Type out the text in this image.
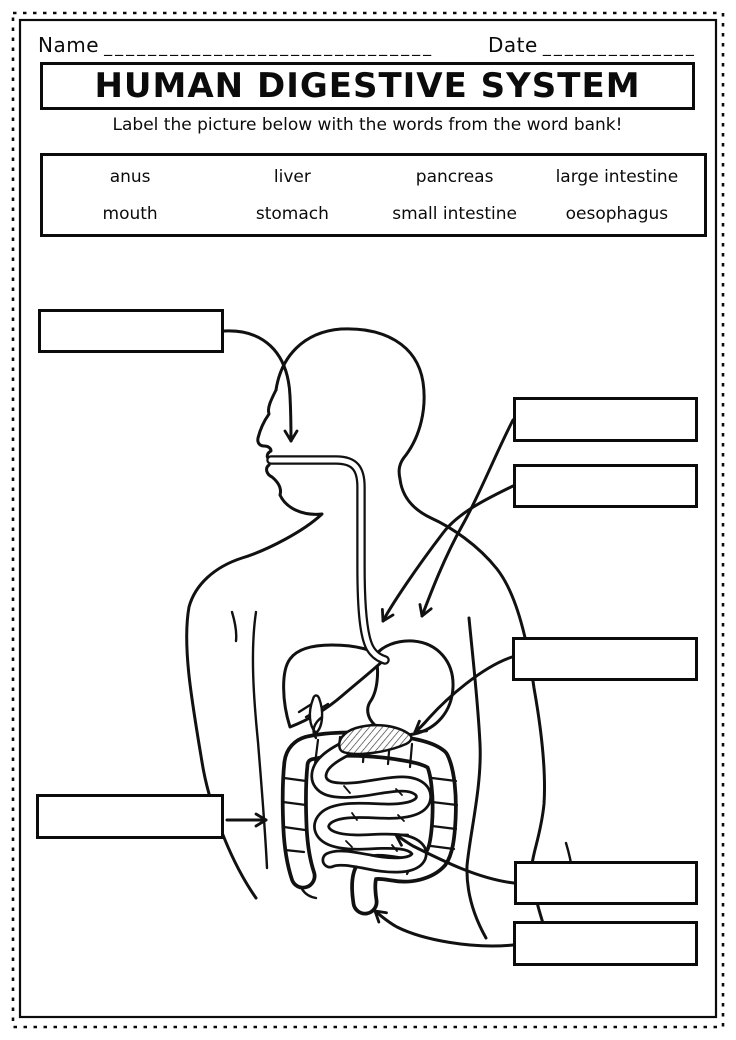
Name ______________________________	Date ______________
HUMAN DIGESTIVE SYSTEM
Label the picture below with the words from the word bank!
anus	liver	pancreas	large intestine
mouth	stomach	small intestine	oesophagus
